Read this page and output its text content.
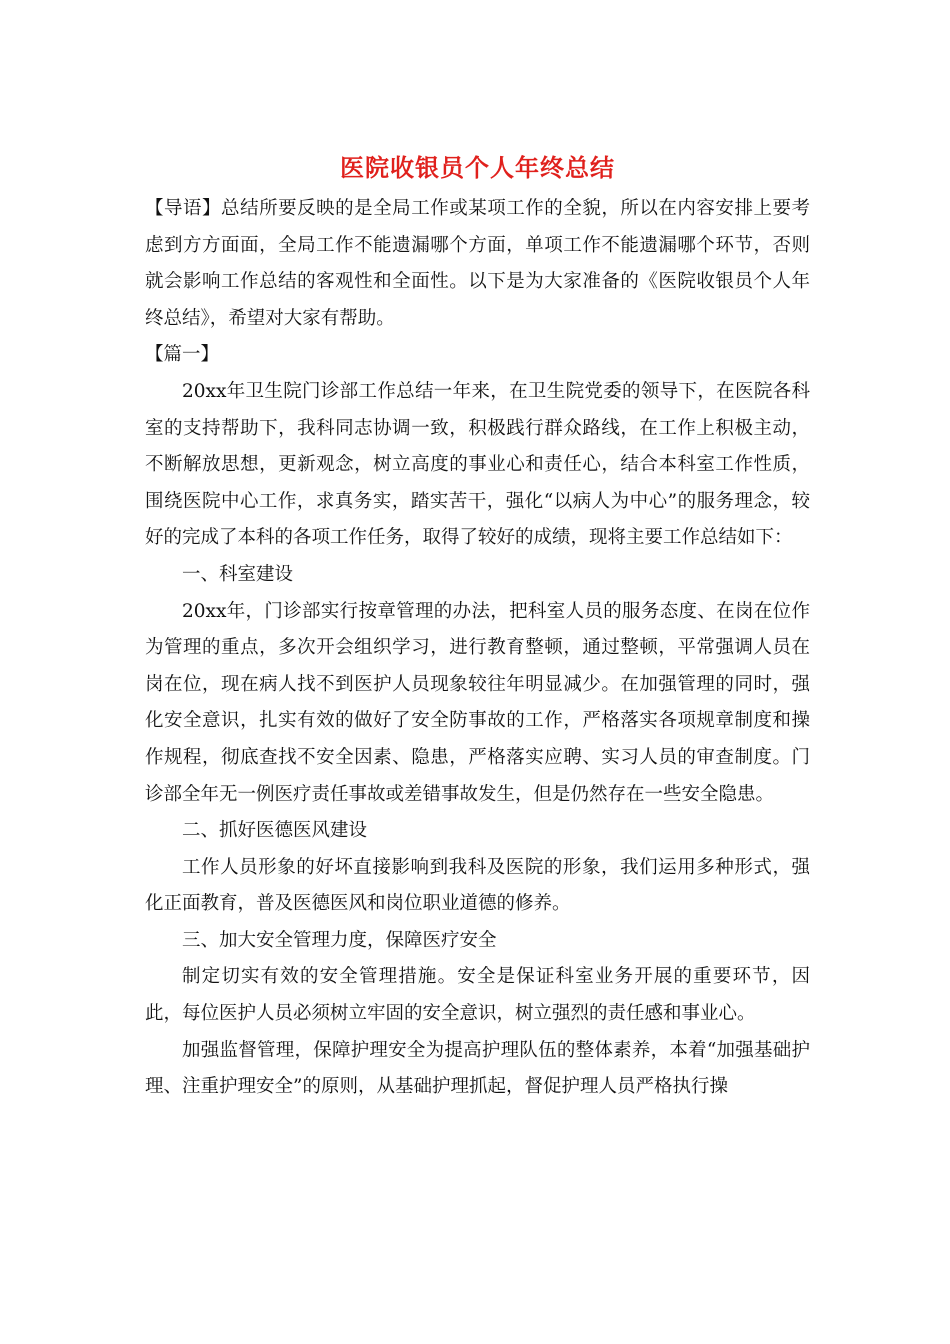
医院收银员个人年终总结

【导语】总结所要反映的是全局工作或某项工作的全貌，所以在内容安排上要考虑到方方面面，全局工作不能遗漏哪个方面，单项工作不能遗漏哪个环节，否则就会影响工作总结的客观性和全面性。以下是为大家准备的《医院收银员个人年终总结》，希望对大家有帮助。

【篇一】

20xx年卫生院门诊部工作总结一年来，在卫生院党委的领导下，在医院各科室的支持帮助下，我科同志协调一致，积极践行群众路线，在工作上积极主动，不断解放思想，更新观念，树立高度的事业心和责任心，结合本科室工作性质，围绕医院中心工作，求真务实，踏实苦干，强化“以病人为中心”的服务理念，较好的完成了本科的各项工作任务，取得了较好的成绩，现将主要工作总结如下：

一、科室建设

20xx年，门诊部实行按章管理的办法，把科室人员的服务态度、在岗在位作为管理的重点，多次开会组织学习，进行教育整顿，通过整顿，平常强调人员在岗在位，现在病人找不到医护人员现象较往年明显减少。在加强管理的同时，强化安全意识，扎实有效的做好了安全防事故的工作，严格落实各项规章制度和操作规程，彻底查找不安全因素、隐患，严格落实应聘、实习人员的审查制度。门诊部全年无一例医疗责任事故或差错事故发生，但是仍然存在一些安全隐患。

二、抓好医德医风建设

工作人员形象的好坏直接影响到我科及医院的形象，我们运用多种形式，强化正面教育，普及医德医风和岗位职业道德的修养。

三、加大安全管理力度，保障医疗安全

制定切实有效的安全管理措施。安全是保证科室业务开展的重要环节，因此，每位医护人员必须树立牢固的安全意识，树立强烈的责任感和事业心。

加强监督管理，保障护理安全为提高护理队伍的整体素养，本着“加强基础护理、注重护理安全”的原则，从基础护理抓起，督促护理人员严格执行操
